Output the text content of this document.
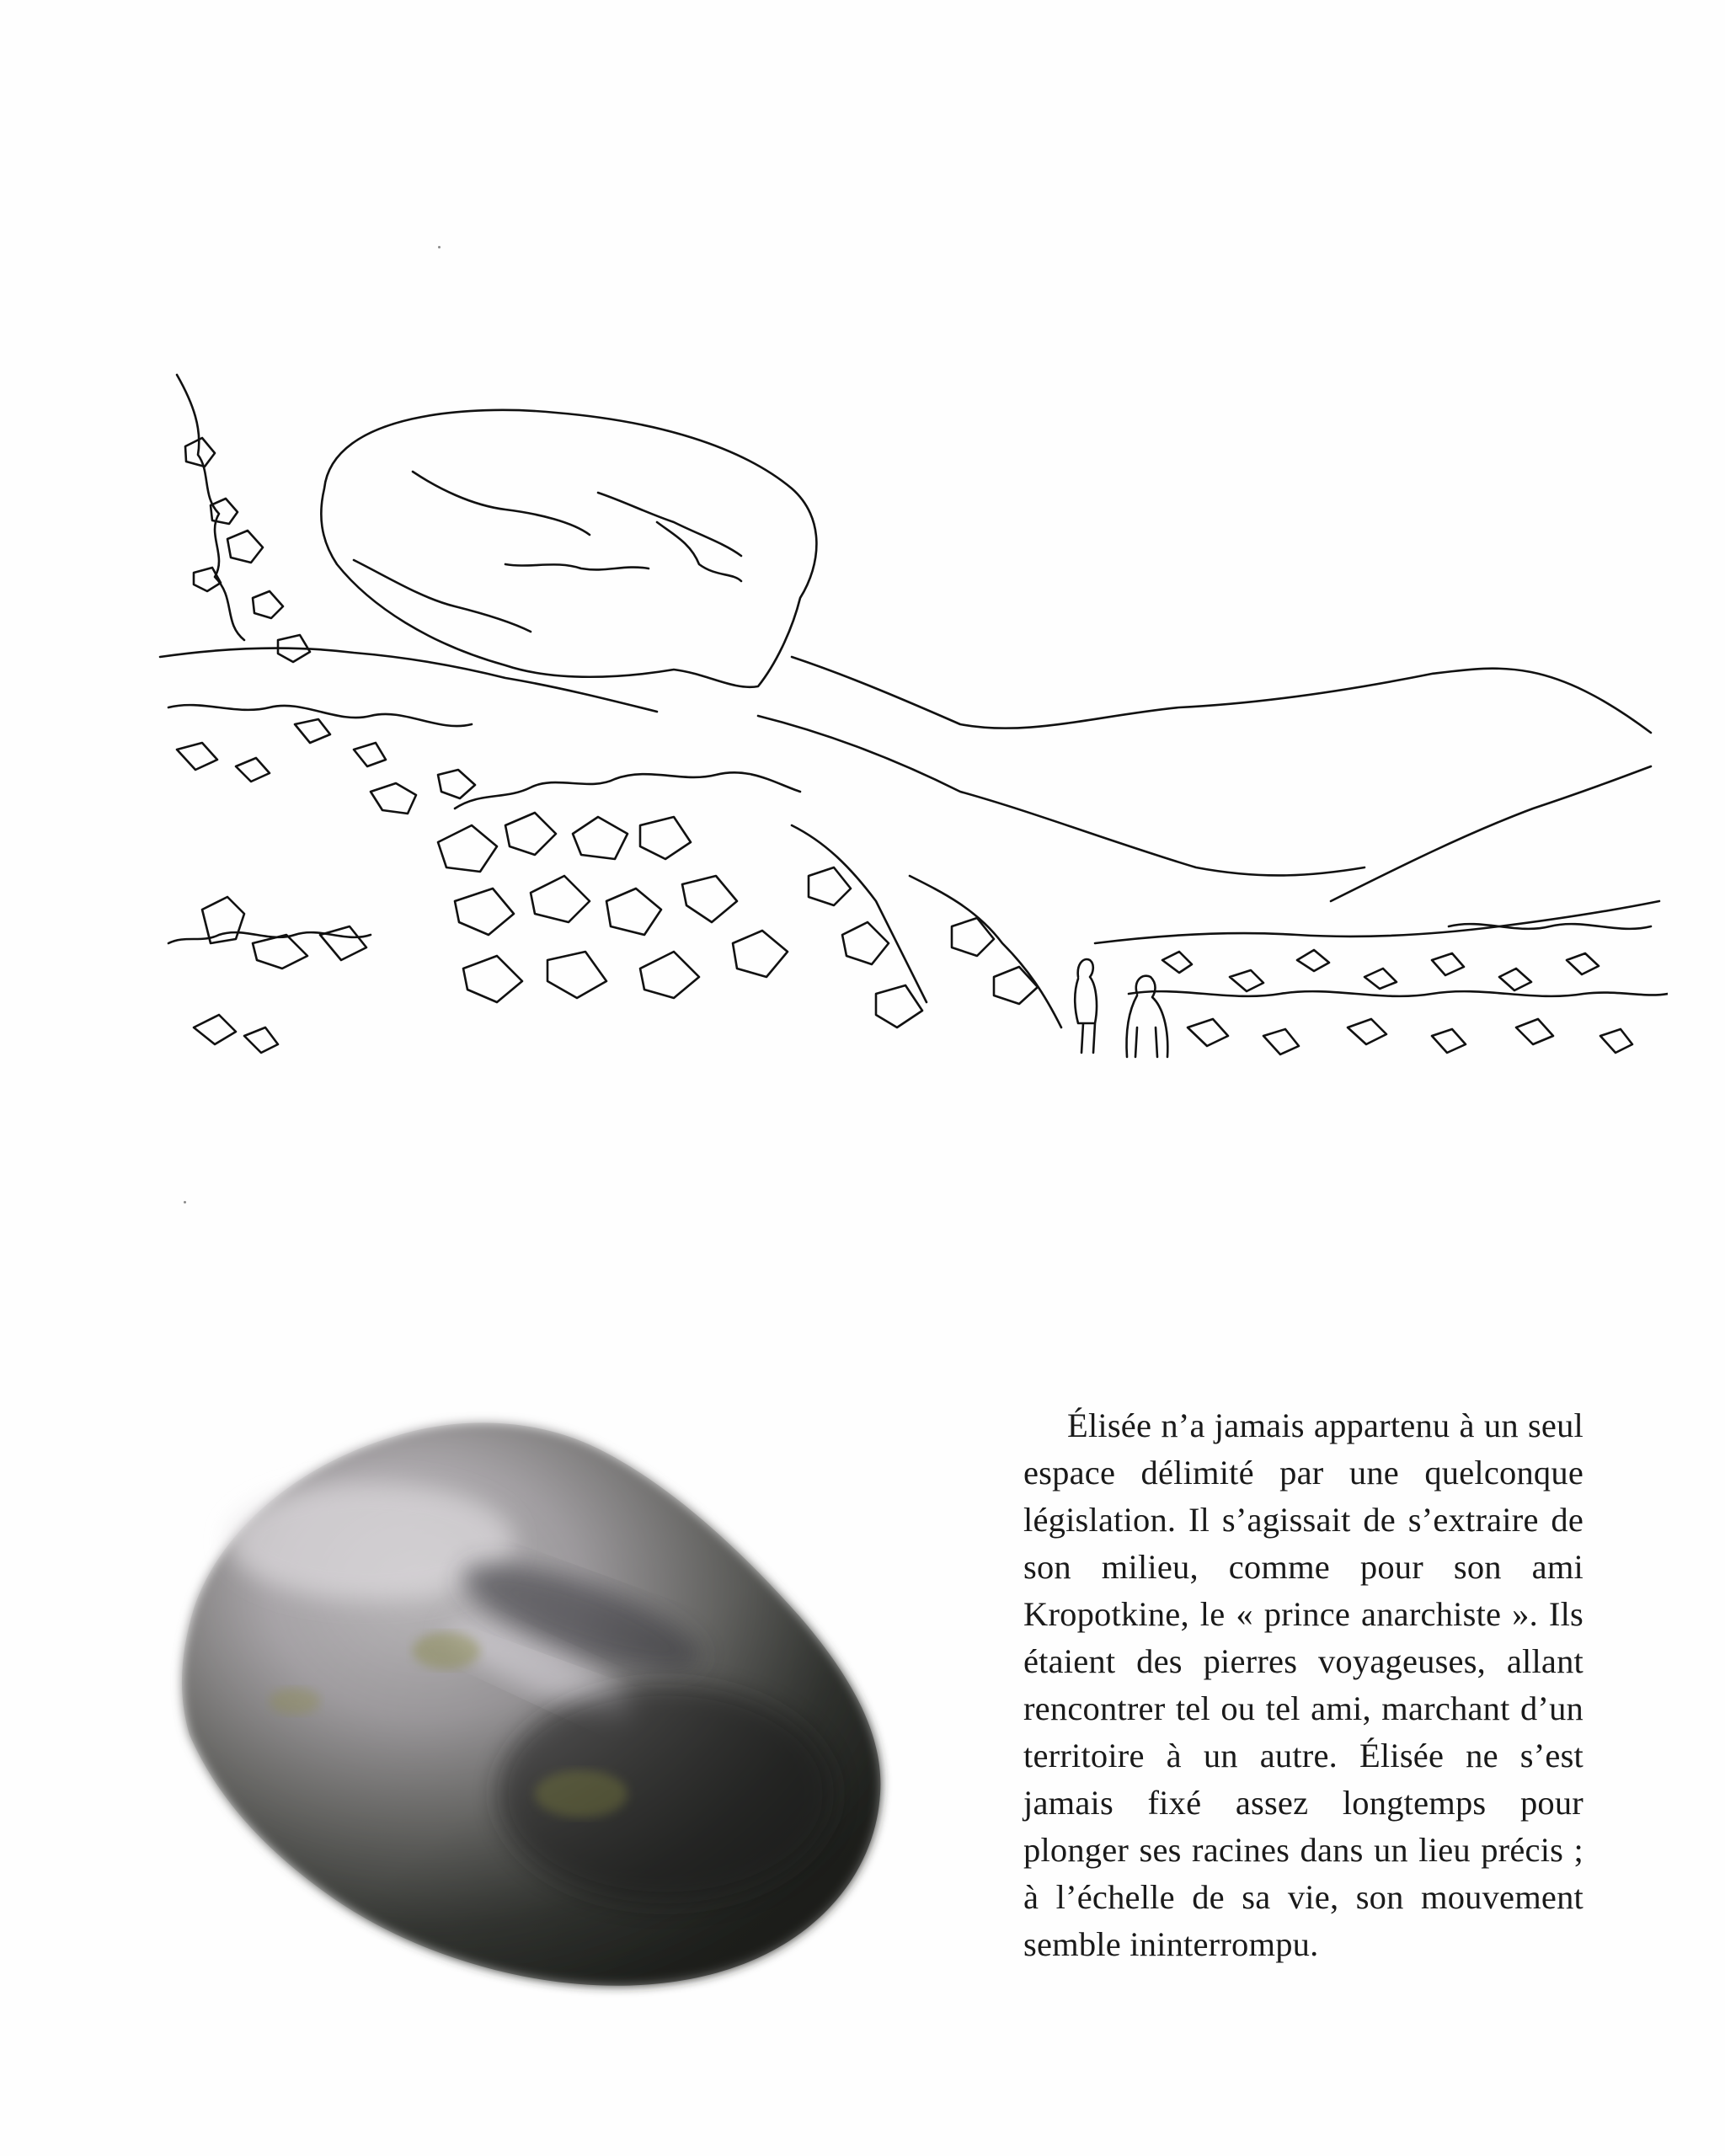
Élisée n’a jamais appartenu à un seul espace délimité par une quelconque législation. Il s’agissait de s’extraire de son milieu, comme pour son ami Kropotkine, le « prince anarchiste ». Ils étaient des pierres voyageuses, allant rencontrer tel ou tel ami, marchant d’un territoire à un autre. Élisée ne s’est jamais fixé assez longtemps pour plonger ses racines dans un lieu précis ; à l’échelle de sa vie, son mouvement semble ininterrompu.
